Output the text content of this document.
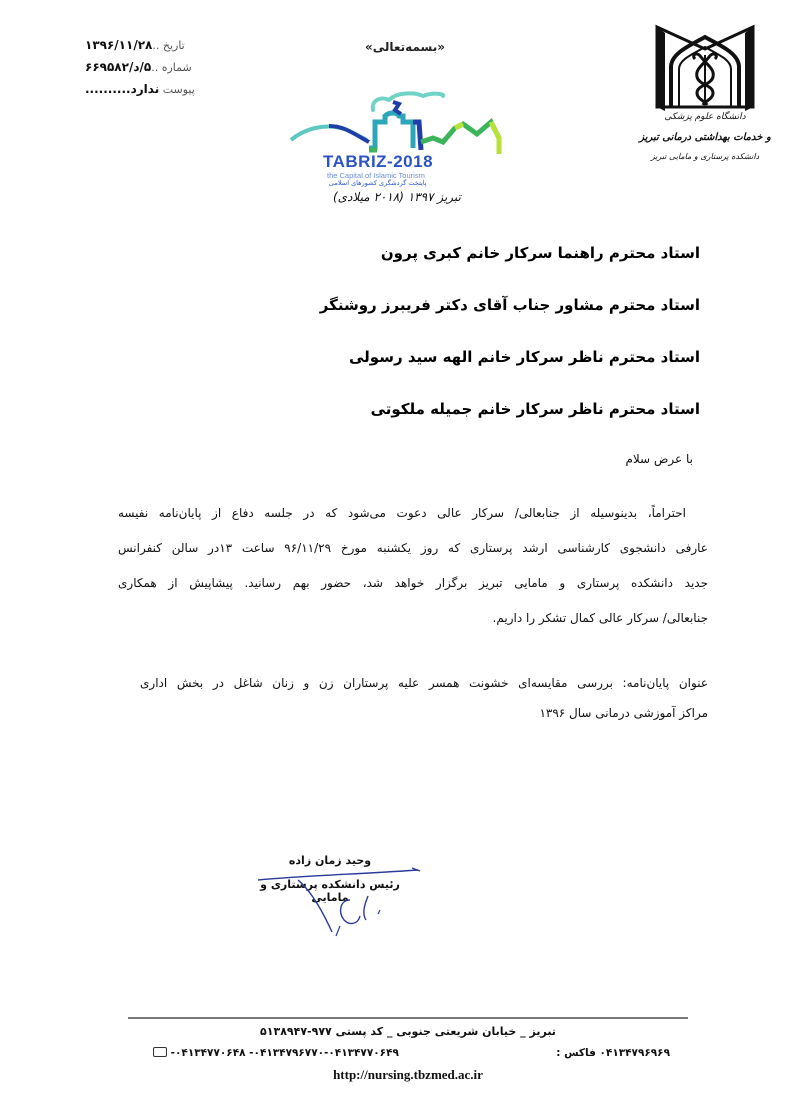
تاریخ ..۱۳۹۶/۱۱/۲۸
شماره ..۵/د/۶۶۹۵۸۲
پیوست ندارد..........
«بسمه‌تعالی»
TABRIZ-2018
the Capital of Islamic Tourism
پایتخت گردشگری کشورهای اسلامی
تبریز ۱۳۹۷ (۲۰۱۸ میلادی)
دانشگاه علوم پزشکی
و خدمات بهداشتی درمانی تبریز
دانشکده پرستاری و مامایی تبریز
استاد محترم راهنما سرکار خانم کبری پرون
استاد محترم مشاور جناب آقای دکتر فریبرز روشنگر
استاد محترم ناظر سرکار خانم الهه سید رسولی
استاد محترم ناظر سرکار خانم جمیله ملکوتی
با عرض سلام
احتراماً، بدینوسیله از جنابعالی/ سرکار عالی دعوت می‌شود که در جلسه دفاع از پایان‌نامه نفیسه
عارفی دانشجوی کارشناسی ارشد پرستاری که روز یکشنبه مورخ ۹۶/۱۱/۲۹ ساعت ۱۳در سالن کنفرانس
جدید دانشکده پرستاری و مامایی تبریز برگزار خواهد شد، حضور بهم رسانید. پیشاپیش از همکاری
جنابعالی/ سرکار عالی کمال تشکر را داریم.
عنوان پایان‌نامه: بررسی مقایسه‌ای خشونت همسر علیه پرستاران زن و زنان شاغل در بخش اداری
مراکز آموزشی درمانی سال ۱۳۹۶
وحید زمان زاده
رئیس دانشکده پرستاری و مامایی
تبریز _ خیابان شریعتی جنوبی _ کد پستی ۹۷۷-۵۱۳۸۹۴۷
۰۴۱۳۴۷۹۶۹۶۹ فاکس :
۰۴۱۳۴۷۹۶۷۷۰-۰۴۱۳۴۷۷۰۶۴۹- ۰۴۱۳۴۷۷۰۶۴۸-
http://nursing.tbzmed.ac.ir
